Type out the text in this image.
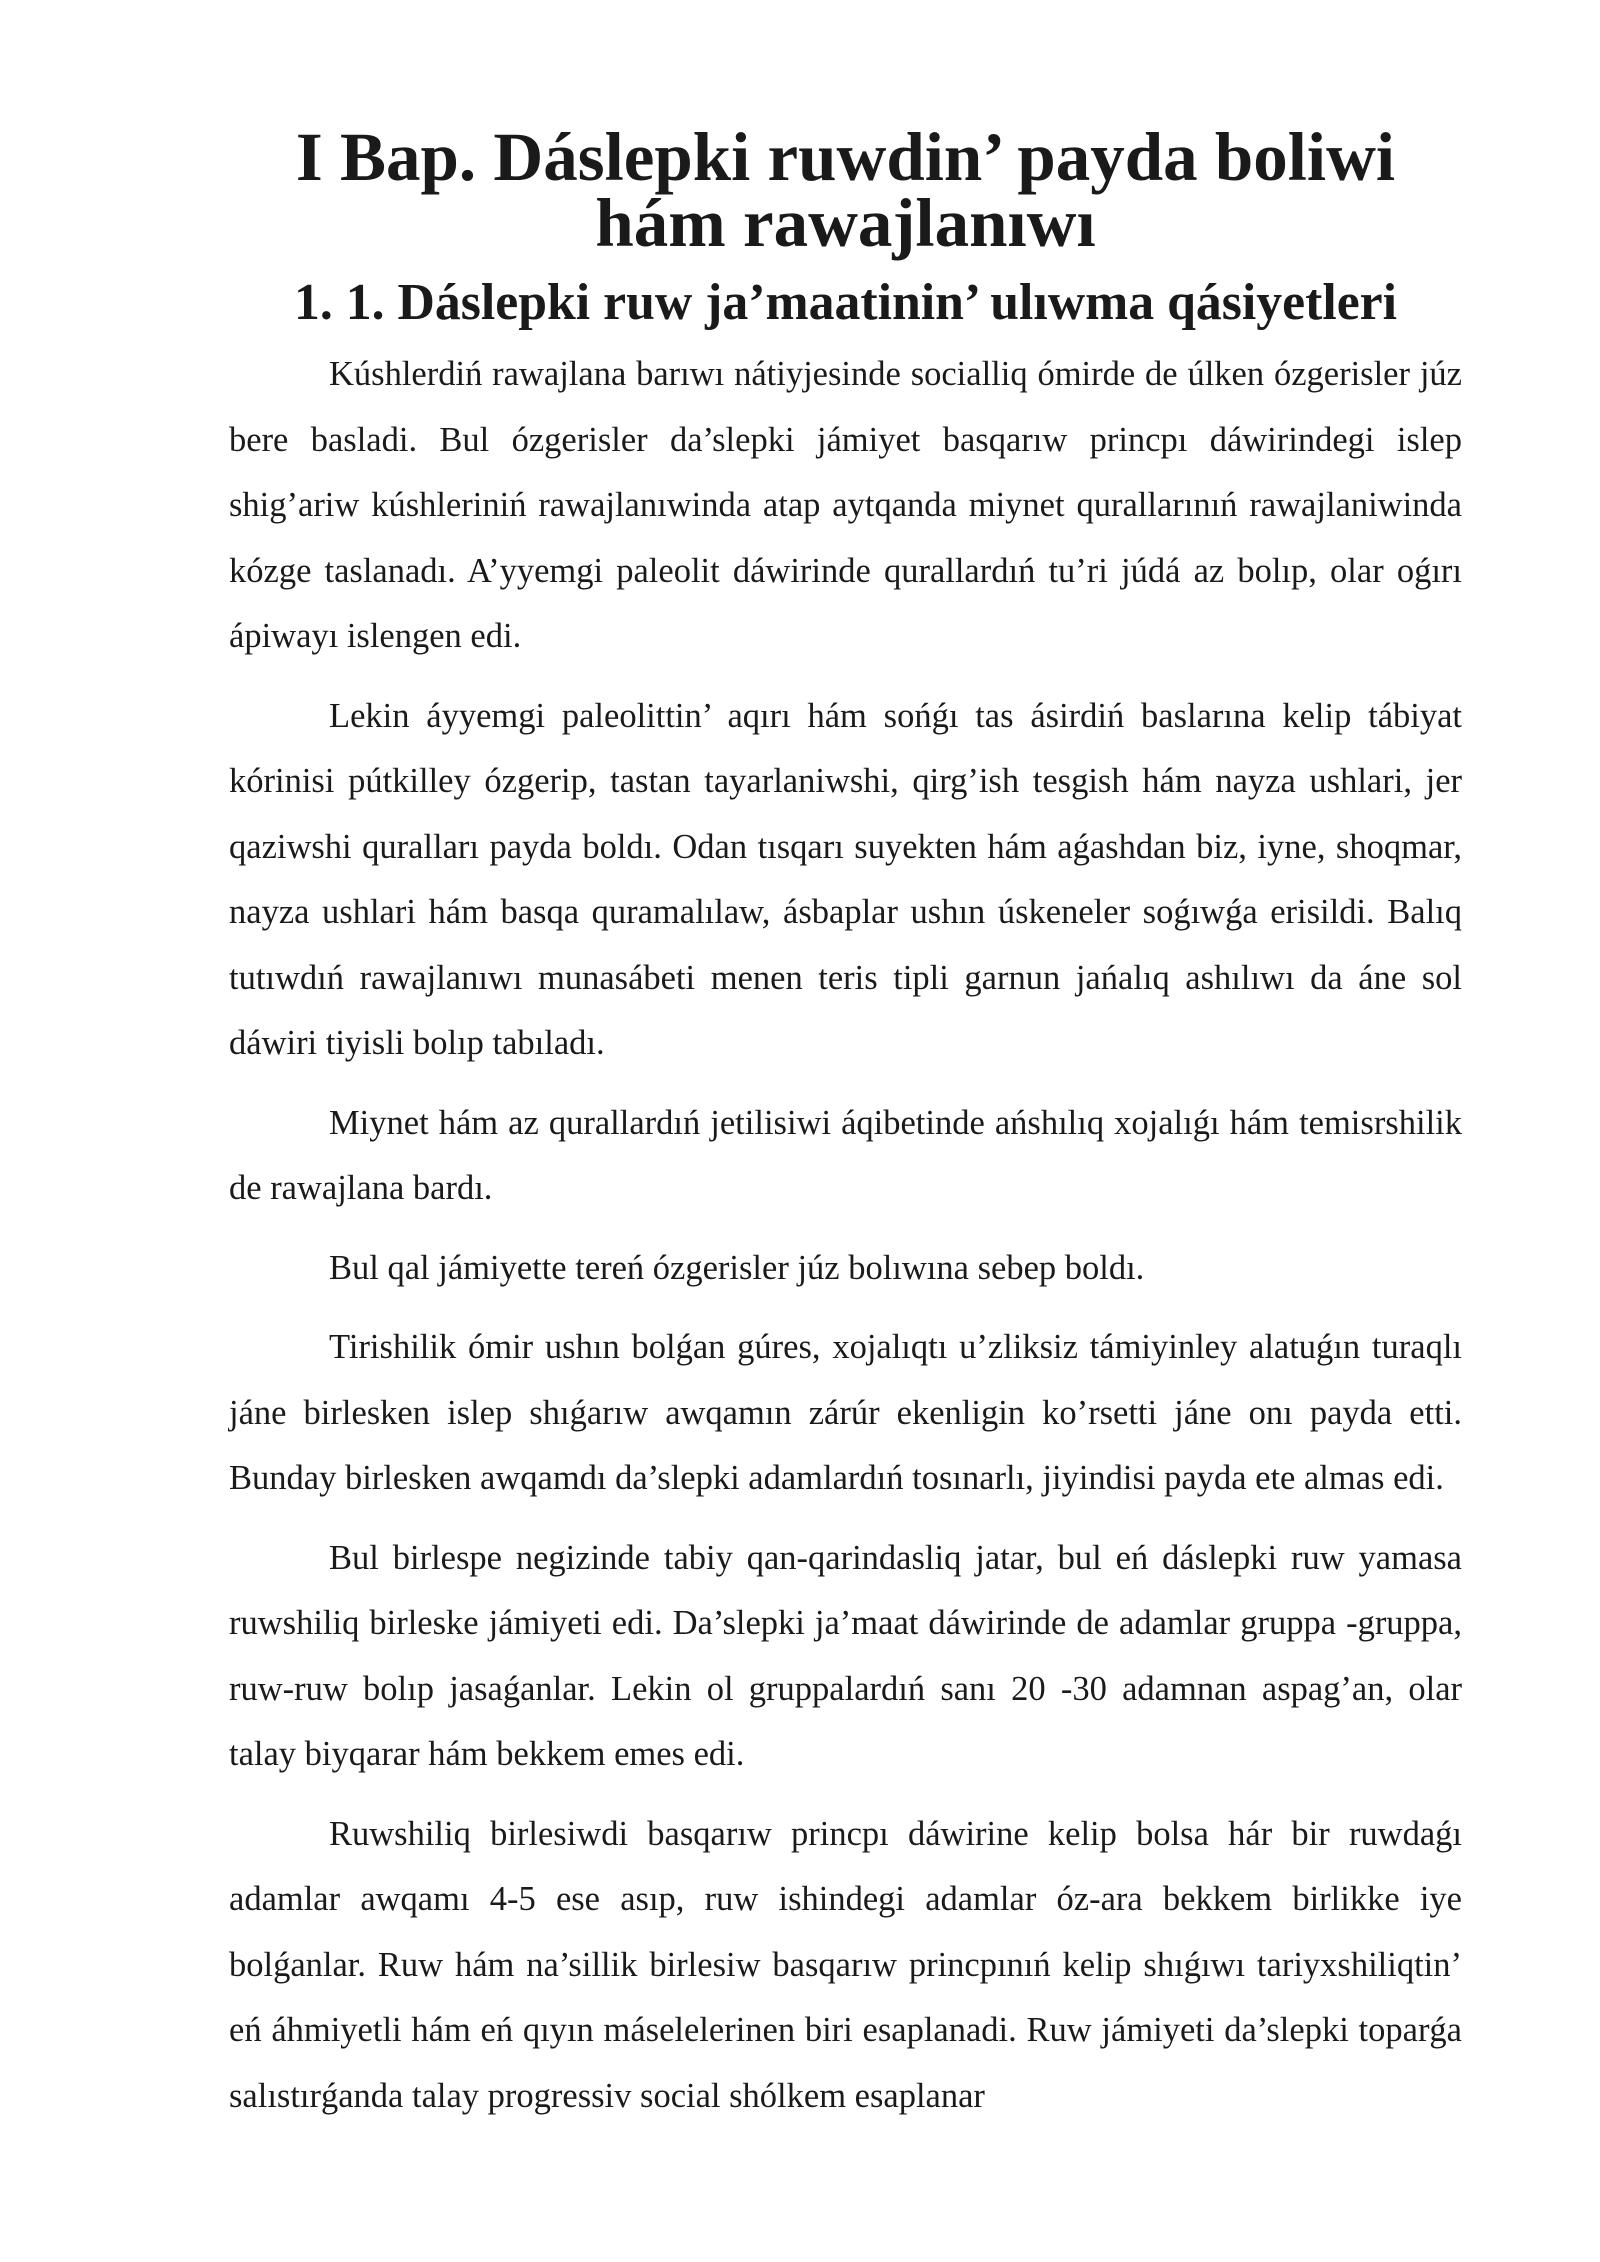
I Bap. Dáslepki ruwdin’ payda boliwi hám rawajlanıwı
1. 1. Dáslepki ruw ja’maatinin’ ulıwma qásiyetleri

Kúshlerdiń rawajlana barıwı nátiyjesinde socialliq ómirde de úlken ózgerisler júz bere basladi. Bul ózgerisler da’slepki jámiyet basqarıw princpı dáwirindegi islep shig’ariw kúshleriniń rawajlanıwinda atap aytqanda miynet qurallarınıń rawajlaniwinda kózge taslanadı. A’yyemgi paleolit dáwirinde qurallardıń tu’ri júdá az bolıp, olar oǵırı ápiwayı islengen edi.

Lekin áyyemgi paleolittin’ aqırı hám sońǵı tas ásirdiń baslarına kelip tábiyat kórinisi pútkilley ózgerip, tastan tayarlaniwshi, qirg’ish tesgish hám nayza ushlari, jer qaziwshi quralları payda boldı. Odan tısqarı suyekten hám aǵashdan biz, iyne, shoqmar, nayza ushlari hám basqa quramalılaw, ásbaplar ushın úskeneler soǵıwǵa erisildi. Balıq tutıwdıń rawajlanıwı munasábeti menen teris tipli garnun jańalıq ashılıwı da áne sol dáwiri tiyisli bolıp tabıladı.

Miynet hám az qurallardıń jetilisiwi áqibetinde ańshılıq xojalıǵı hám temisrshilik de rawajlana bardı.

Bul qal jámiyette tereń ózgerisler júz bolıwına sebep boldı.

Tirishilik ómir ushın bolǵan gúres, xojalıqtı u’zliksiz támiyinley alatuǵın turaqlı jáne birlesken islep shıǵarıw awqamın zárúr ekenligin ko’rsetti jáne onı payda etti. Bunday birlesken awqamdı da’slepki adamlardıń tosınarlı, jiyindisi payda ete almas edi.

Bul birlespe negizinde tabiy qan-qarindasliq jatar, bul eń dáslepki ruw yamasa ruwshiliq birleske jámiyeti edi. Da’slepki ja’maat dáwirinde de adamlar gruppa -gruppa, ruw-ruw bolıp jasaǵanlar. Lekin ol gruppalardıń sanı 20 -30 adamnan aspag’an, olar talay biyqarar hám bekkem emes edi.

Ruwshiliq birlesiwdi basqarıw princpı dáwirine kelip bolsa hár bir ruwdaǵı adamlar awqamı 4-5 ese asıp, ruw ishindegi adamlar óz-ara bekkem birlikke iye bolǵanlar. Ruw hám na’sillik birlesiw basqarıw princpınıń kelip shıǵıwı tariyxshiliqtin’ eń áhmiyetli hám eń qıyın máselelerinen biri esaplanadi. Ruw jámiyeti da’slepki toparǵa salıstırǵanda talay progressiv social shólkem esaplanar
